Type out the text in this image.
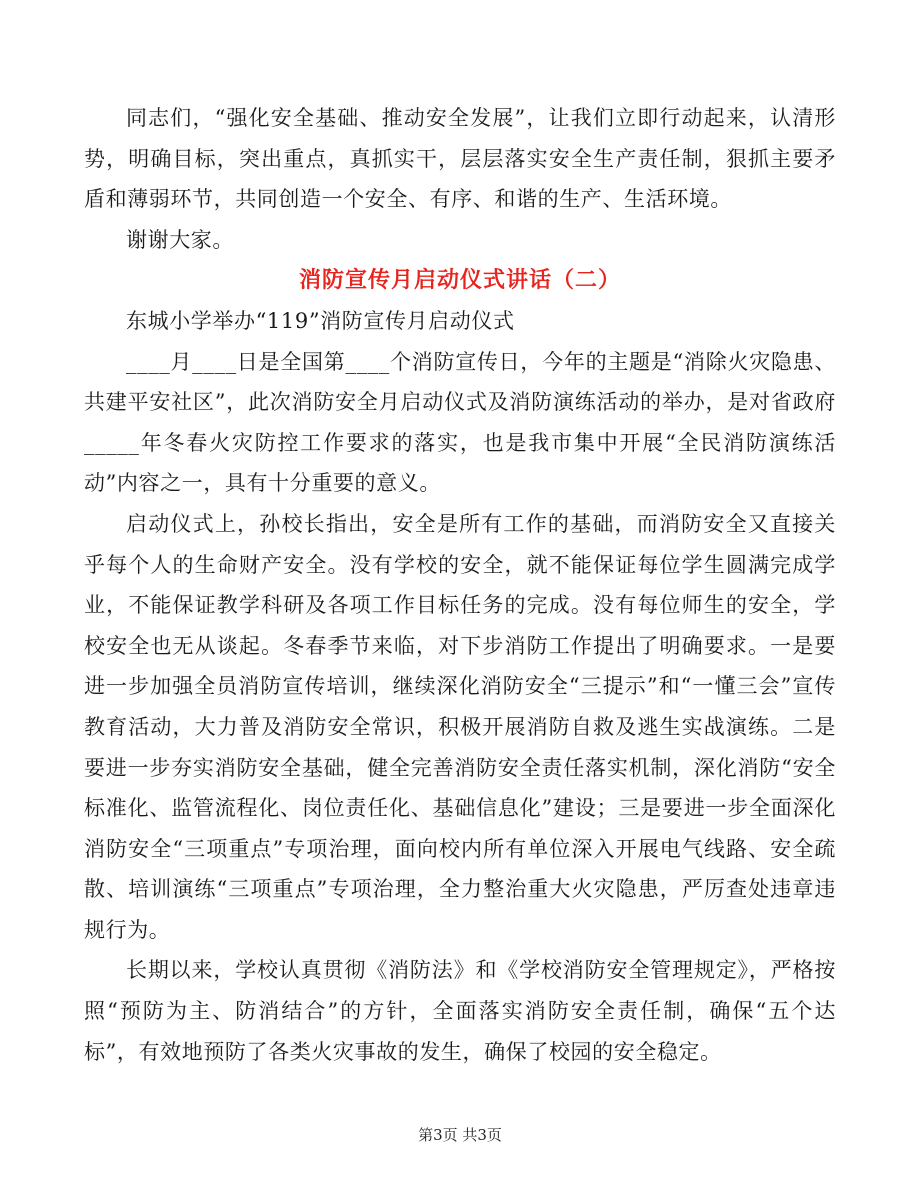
同志们，“强化安全基础、推动安全发展”，让我们立即行动起来，认清形势，明确目标，突出重点，真抓实干，层层落实安全生产责任制，狠抓主要矛盾和薄弱环节，共同创造一个安全、有序、和谐的生产、生活环境。

谢谢大家。

消防宣传月启动仪式讲话（二）

东城小学举办“119”消防宣传月启动仪式

____月____日是全国第____个消防宣传日，今年的主题是“消除火灾隐患、共建平安社区”，此次消防安全月启动仪式及消防演练活动的举办，是对省政府_____年冬春火灾防控工作要求的落实，也是我市集中开展“全民消防演练活动”内容之一，具有十分重要的意义。

启动仪式上，孙校长指出，安全是所有工作的基础，而消防安全又直接关乎每个人的生命财产安全。没有学校的安全，就不能保证每位学生圆满完成学业，不能保证教学科研及各项工作目标任务的完成。没有每位师生的安全，学校安全也无从谈起。冬春季节来临，对下步消防工作提出了明确要求。一是要进一步加强全员消防宣传培训，继续深化消防安全“三提示”和“一懂三会”宣传教育活动，大力普及消防安全常识，积极开展消防自救及逃生实战演练。二是要进一步夯实消防安全基础，健全完善消防安全责任落实机制，深化消防“安全标准化、监管流程化、岗位责任化、基础信息化”建设；三是要进一步全面深化消防安全“三项重点”专项治理，面向校内所有单位深入开展电气线路、安全疏散、培训演练“三项重点”专项治理，全力整治重大火灾隐患，严厉查处违章违规行为。

长期以来，学校认真贯彻《消防法》和《学校消防安全管理规定》，严格按照“预防为主、防消结合”的方针，全面落实消防安全责任制，确保“五个达标”，有效地预防了各类火灾事故的发生，确保了校园的安全稳定。

第3页 共3页
